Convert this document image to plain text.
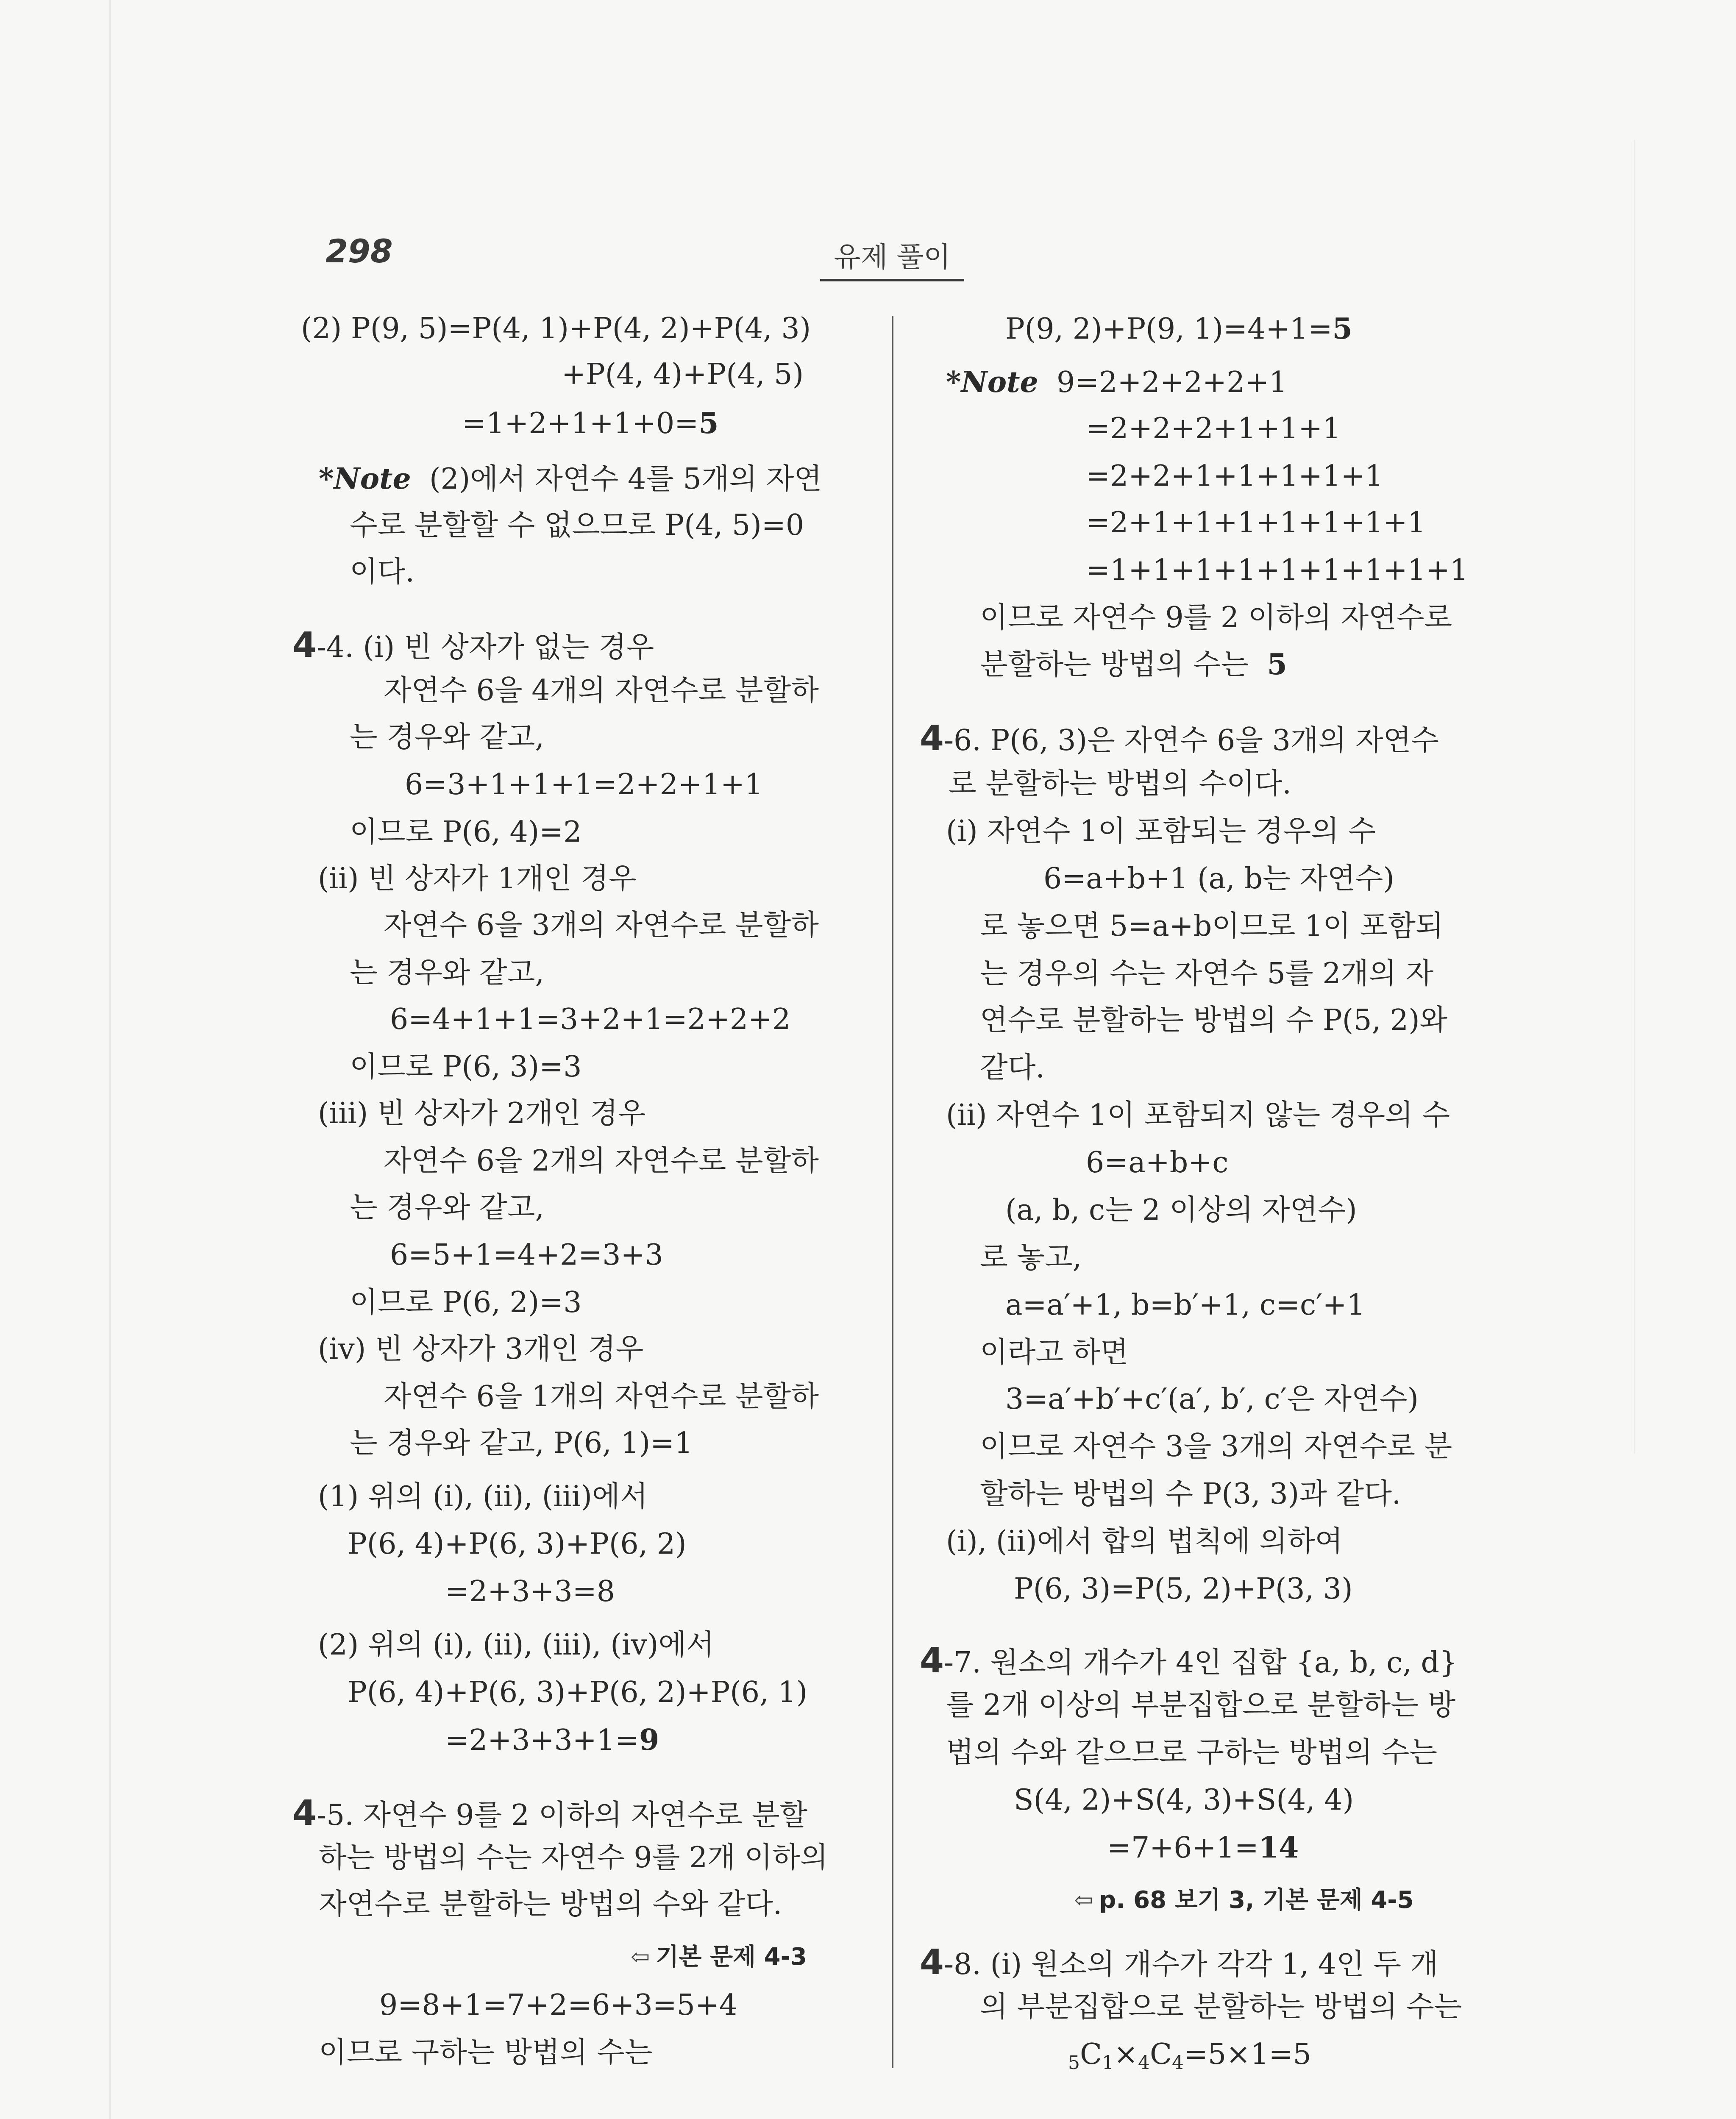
298	유제 풀이
(2) P(9, 5)=P(4, 1)+P(4, 2)+P(4, 3)
+P(4, 4)+P(4, 5)
=1+2+1+1+0=5
*Note (2)에서 자연수 4를 5개의 자연
수로 분할할 수 없으므로 P(4, 5)=0
이다.
4-4. (i) 빈 상자가 없는 경우
자연수 6을 4개의 자연수로 분할하
는 경우와 같고,
6=3+1+1+1=2+2+1+1
이므로 P(6, 4)=2
(ii) 빈 상자가 1개인 경우
자연수 6을 3개의 자연수로 분할하
는 경우와 같고,
6=4+1+1=3+2+1=2+2+2
이므로 P(6, 3)=3
(iii) 빈 상자가 2개인 경우
자연수 6을 2개의 자연수로 분할하
는 경우와 같고,
6=5+1=4+2=3+3
이므로 P(6, 2)=3
(iv) 빈 상자가 3개인 경우
자연수 6을 1개의 자연수로 분할하
는 경우와 같고, P(6, 1)=1
(1) 위의 (i), (ii), (iii)에서
P(6, 4)+P(6, 3)+P(6, 2)
=2+3+3=8
(2) 위의 (i), (ii), (iii), (iv)에서
P(6, 4)+P(6, 3)+P(6, 2)+P(6, 1)
=2+3+3+1=9
4-5. 자연수 9를 2 이하의 자연수로 분할
하는 방법의 수는 자연수 9를 2개 이하의
자연수로 분할하는 방법의 수와 같다.
⇦ 기본 문제 4-3
9=8+1=7+2=6+3=5+4
이므로 구하는 방법의 수는
P(9, 2)+P(9, 1)=4+1=5
*Note 9=2+2+2+2+1
=2+2+2+1+1+1
=2+2+1+1+1+1+1
=2+1+1+1+1+1+1+1
=1+1+1+1+1+1+1+1+1
이므로 자연수 9를 2 이하의 자연수로
분할하는 방법의 수는 5
4-6. P(6, 3)은 자연수 6을 3개의 자연수
로 분할하는 방법의 수이다.
(i) 자연수 1이 포함되는 경우의 수
6=a+b+1 (a, b는 자연수)
로 놓으면 5=a+b이므로 1이 포함되
는 경우의 수는 자연수 5를 2개의 자
연수로 분할하는 방법의 수 P(5, 2)와
같다.
(ii) 자연수 1이 포함되지 않는 경우의 수
6=a+b+c
(a, b, c는 2 이상의 자연수)
로 놓고,
a=a′+1, b=b′+1, c=c′+1
이라고 하면
3=a′+b′+c′(a′, b′, c′은 자연수)
이므로 자연수 3을 3개의 자연수로 분
할하는 방법의 수 P(3, 3)과 같다.
(i), (ii)에서 합의 법칙에 의하여
P(6, 3)=P(5, 2)+P(3, 3)
4-7. 원소의 개수가 4인 집합 {a, b, c, d}
를 2개 이상의 부분집합으로 분할하는 방
법의 수와 같으므로 구하는 방법의 수는
S(4, 2)+S(4, 3)+S(4, 4)
=7+6+1=14
⇦ p. 68 보기 3, 기본 문제 4-5
4-8. (i) 원소의 개수가 각각 1, 4인 두 개
의 부분집합으로 분할하는 방법의 수는
$_5C_1\times_4C_4=5\times 1=5$
